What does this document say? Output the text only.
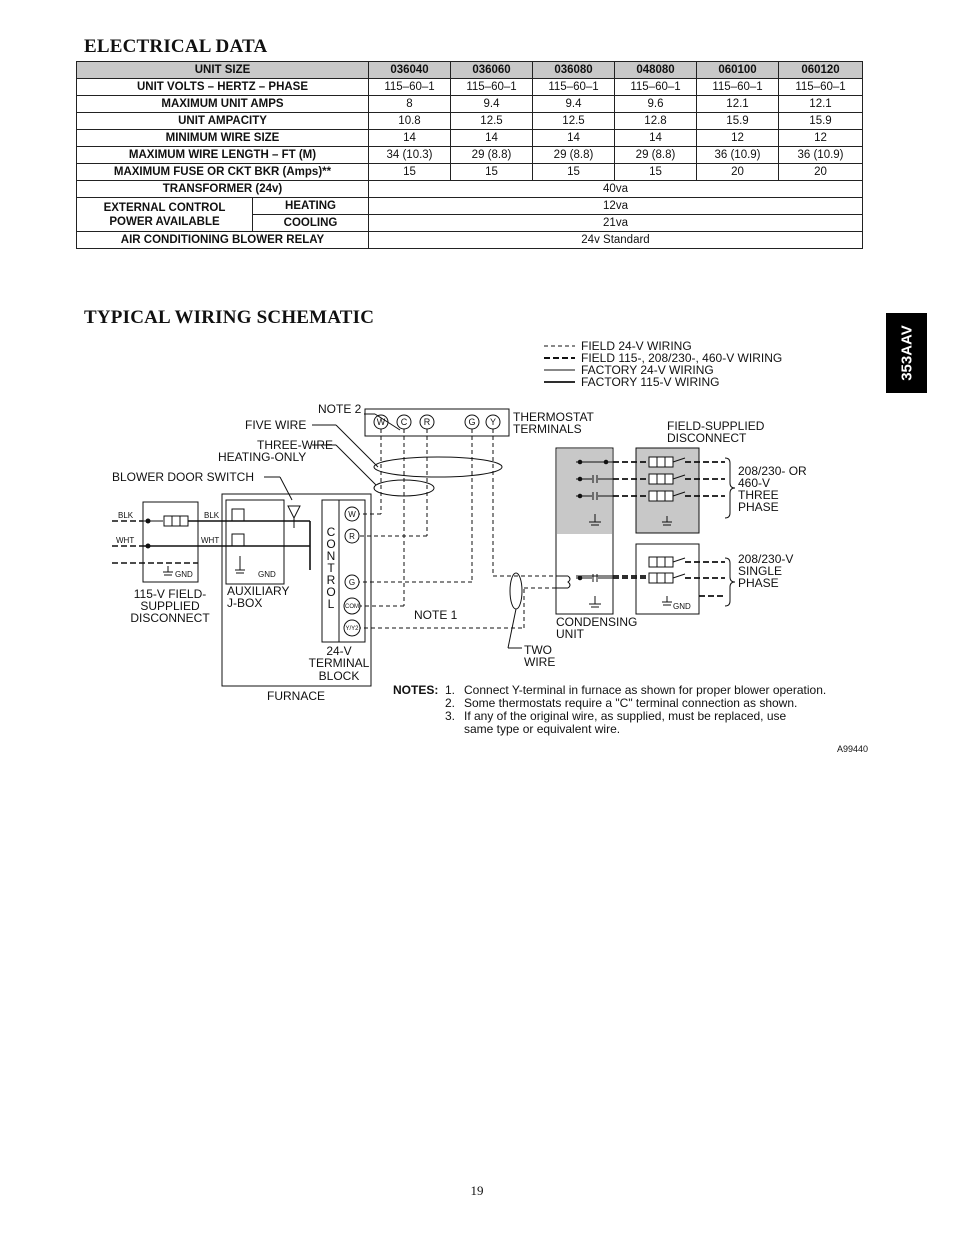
ELECTRICAL DATA
UNIT SIZE		036040	036060	036080	048080	060100	060120
UNIT VOLTS – HERTZ – PHASE		115–60–1	115–60–1	115–60–1	115–60–1	115–60–1	115–60–1
MAXIMUM UNIT AMPS		8	9.4	9.4	9.6	12.1	12.1
UNIT AMPACITY		10.8	12.5	12.5	12.8	15.9	15.9
MINIMUM WIRE SIZE		14	14	14	14	12	12
MAXIMUM WIRE LENGTH – FT (M)		34 (10.3)	29 (8.8)	29 (8.8)	29 (8.8)	36 (10.9)	36 (10.9)
MAXIMUM FUSE OR CKT BKR (Amps)**		15	15	15	15	20	20
TRANSFORMER (24v)		40va					
EXTERNAL CONTROL
POWER AVAILABLE	HEATING	12va					
	COOLING	21va					
AIR CONDITIONING BLOWER RELAY		24v Standard					
353AAV
TYPICAL WIRING SCHEMATIC
FIELD 24-V WIRING
FIELD 115-, 208/230-, 460-V WIRING
FACTORY 24-V WIRING
FACTORY 115-V WIRING
W C R	G Y
NOTE 2
THERMOSTAT
TERMINALS
FIVE WIRE
THREE-WIRE
HEATING-ONLY
BLOWER DOOR SWITCH
FIELD-SUPPLIED
DISCONNECT
C
O
N
T
R
O
L
W
R
G
COM
Y/Y2
BLK
WHT
BLK
WHT
GND	GND
GND
115-V FIELD-
SUPPLIED
DISCONNECT
AUXILIARY
J-BOX
24-V
TERMINAL
BLOCK
FURNACE
NOTE 1
TWO
WIRE
CONDENSING
UNIT
208/230- OR
460-V
THREE
PHASE
208/230-V
SINGLE
PHASE
NOTES: 1. Connect Y-terminal in furnace as shown for proper blower operation.
2. Some thermostats require a "C" terminal connection as shown.
3. If any of the original wire, as supplied, must be replaced, use
same type or equivalent wire.
A99440
19
